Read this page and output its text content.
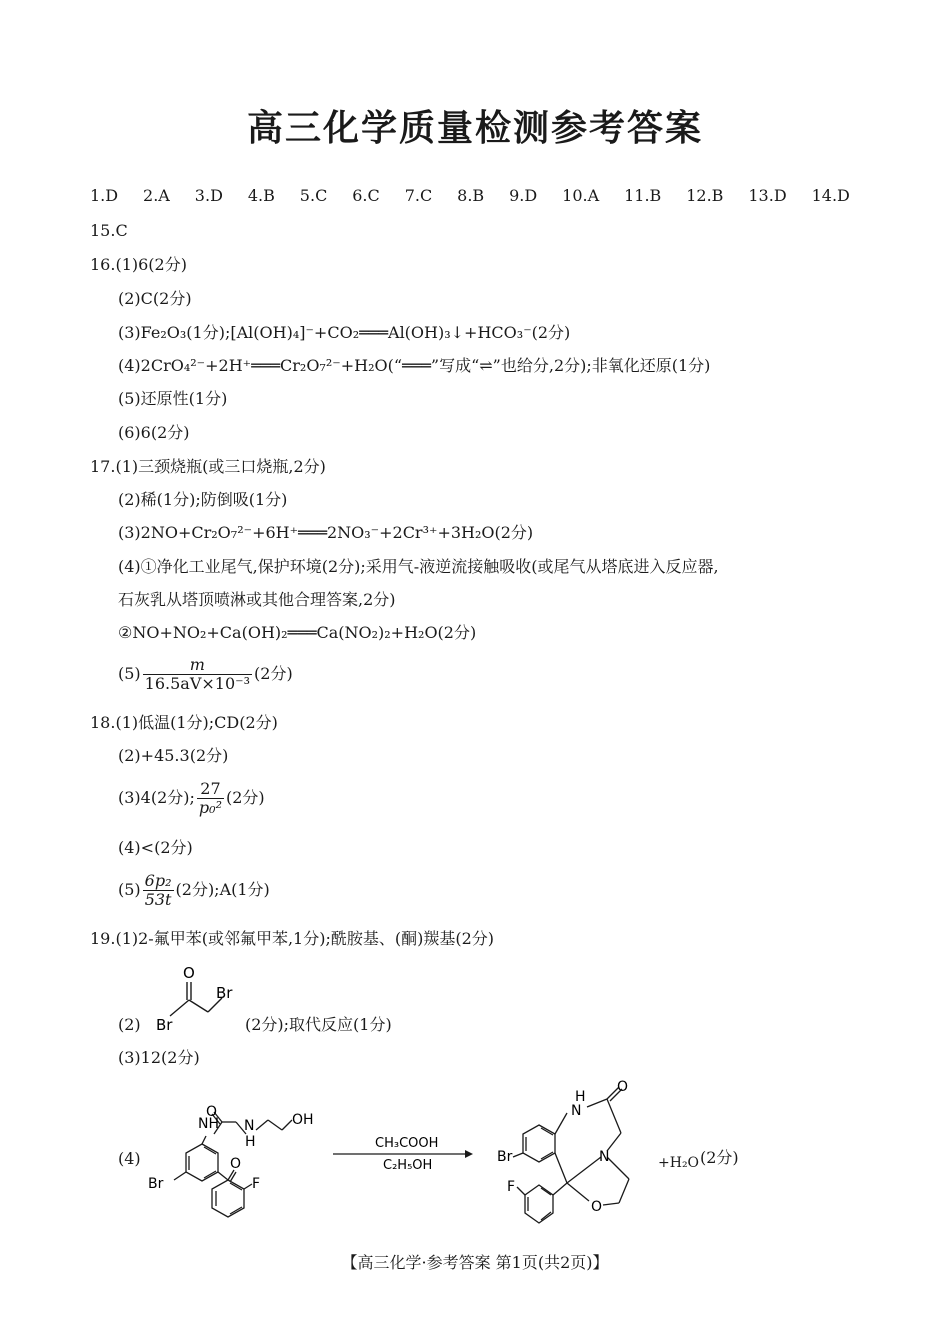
高三化学质量检测参考答案
1.D 2.A 3.D 4.B 5.C 6.C 7.C 8.B 9.D 10.A 11.B 12.B 13.D 14.D
15.C
16.(1)6(2分)
(2)C(2分)
(3)Fe₂O₃(1分);[Al(OH)₄]⁻+CO₂═══Al(OH)₃↓+HCO₃⁻(2分)
(4)2CrO₄²⁻+2H⁺═══Cr₂O₇²⁻+H₂O(“═══”写成“⇌”也给分,2分);非氧化还原(1分)
(5)还原性(1分)
(6)6(2分)
17.(1)三颈烧瓶(或三口烧瓶,2分)
(2)稀(1分);防倒吸(1分)
(3)2NO+Cr₂O₇²⁻+6H⁺═══2NO₃⁻+2Cr³⁺+3H₂O(2分)
(4)①净化工业尾气,保护环境(2分);采用气-液逆流接触吸收(或尾气从塔底进入反应器,
石灰乳从塔顶喷淋或其他合理答案,2分)
②NO+NO₂+Ca(OH)₂═══Ca(NO₂)₂+H₂O(2分)
$(5) \frac{m}{\text{16.5aV×10⁻³}} (2$分)
18.(1)低温(1分);CD(2分)
(2)+45.3(2分)
(3)4(2分); $\frac{27}{\text{p₀²}} (2$分)
(4)<(2分)
$(5) \frac{\text{6p₂}}{53t} (2$分);A(1分)
19.(1)2-氟甲苯(或邻氟甲苯,1分);酰胺基、(酮)羰基(2分)
O
Br
Br
(2)	(2分);取代反应(1分)
(3)12(2分)
(4)
NH
O
N
H
OH
O
F
Br
CH₃COOH
C₂H₅OH
H
N
O
N
O
Br
F
+H₂O (2分)
【高三化学·参考答案 第1页(共2页)】
